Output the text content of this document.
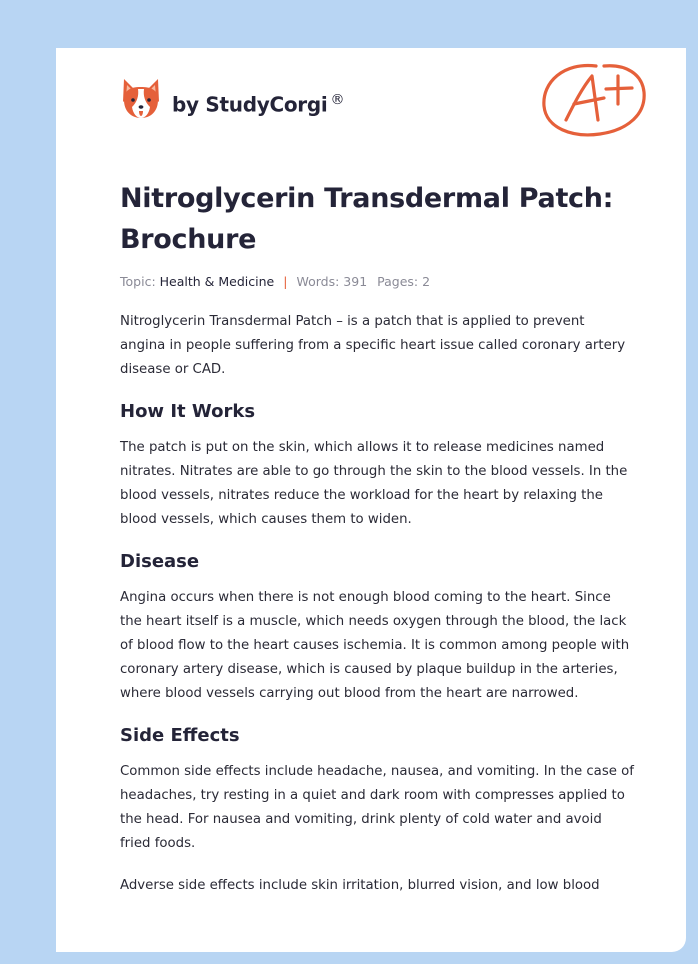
by StudyCorgi ®
A+
Nitroglycerin Transdermal Patch: Brochure
Topic: Health & Medicine | Words: 391 Pages: 2

Nitroglycerin Transdermal Patch – is a patch that is applied to prevent angina in people suffering from a specific heart issue called coronary artery disease or CAD.

How It Works

The patch is put on the skin, which allows it to release medicines named nitrates. Nitrates are able to go through the skin to the blood vessels. In the blood vessels, nitrates reduce the workload for the heart by relaxing the blood vessels, which causes them to widen.

Disease

Angina occurs when there is not enough blood coming to the heart. Since the heart itself is a muscle, which needs oxygen through the blood, the lack of blood flow to the heart causes ischemia. It is common among people with coronary artery disease, which is caused by plaque buildup in the arteries, where blood vessels carrying out blood from the heart are narrowed.

Side Effects

Common side effects include headache, nausea, and vomiting. In the case of headaches, try resting in a quiet and dark room with compresses applied to the head. For nausea and vomiting, drink plenty of cold water and avoid fried foods.

Adverse side effects include skin irritation, blurred vision, and low blood
